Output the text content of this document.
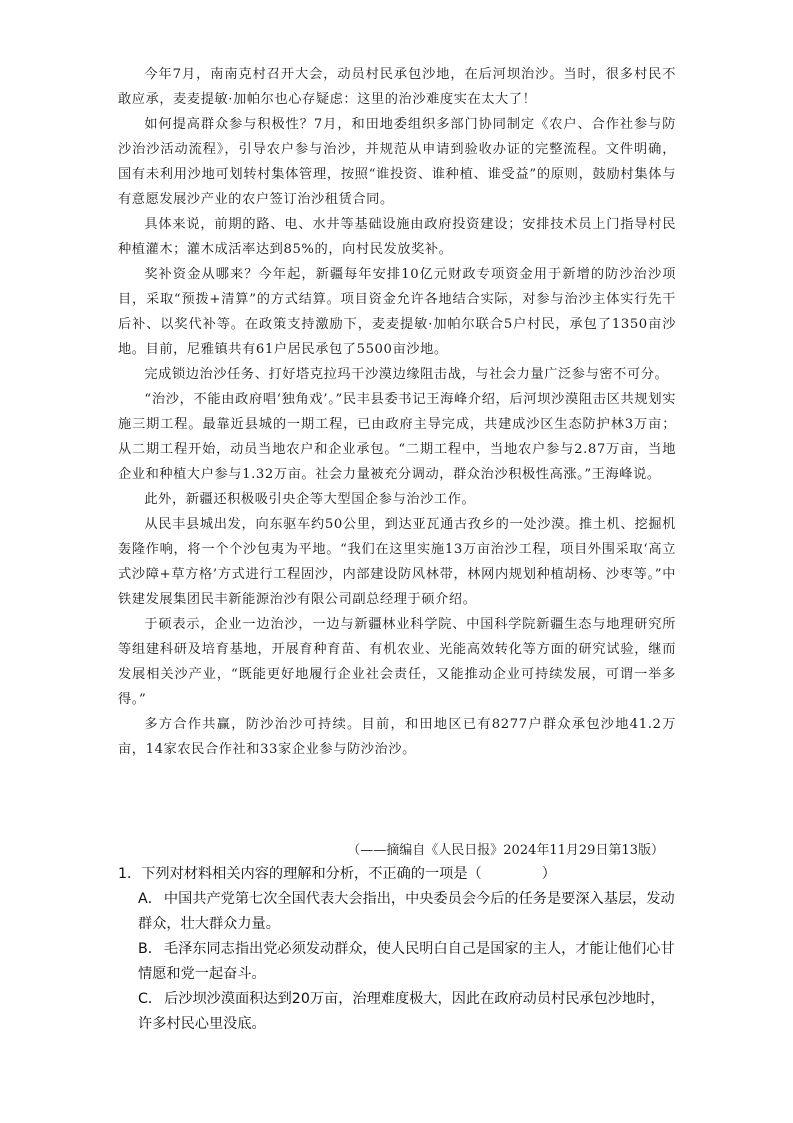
今年7月，南南克村召开大会，动员村民承包沙地，在后河坝治沙。当时，很多村民不敢应承，麦麦提敏·加帕尔也心存疑虑：这里的治沙难度实在太大了！

如何提高群众参与积极性？7月，和田地委组织多部门协同制定《农户、合作社参与防沙治沙活动流程》，引导农户参与治沙，并规范从申请到验收办证的完整流程。文件明确，国有未利用沙地可划转村集体管理，按照“谁投资、谁种植、谁受益”的原则，鼓励村集体与有意愿发展沙产业的农户签订治沙租赁合同。

具体来说，前期的路、电、水井等基础设施由政府投资建设；安排技术员上门指导村民种植灌木；灌木成活率达到85%的，向村民发放奖补。

奖补资金从哪来？今年起，新疆每年安排10亿元财政专项资金用于新增的防沙治沙项目，采取“预拨+清算”的方式结算。项目资金允许各地结合实际，对参与治沙主体实行先干后补、以奖代补等。在政策支持激励下，麦麦提敏·加帕尔联合5户村民，承包了1350亩沙地。目前，尼雅镇共有61户居民承包了5500亩沙地。

完成锁边治沙任务、打好塔克拉玛干沙漠边缘阻击战，与社会力量广泛参与密不可分。

“治沙，不能由政府唱‘独角戏’。”民丰县委书记王海峰介绍，后河坝沙漠阻击区共规划实施三期工程。最靠近县城的一期工程，已由政府主导完成，共建成沙区生态防护林3万亩；从二期工程开始，动员当地农户和企业承包。“二期工程中，当地农户参与2.87万亩，当地企业和种植大户参与1.32万亩。社会力量被充分调动，群众治沙积极性高涨。”王海峰说。

此外，新疆还积极吸引央企等大型国企参与治沙工作。

从民丰县城出发，向东驱车约50公里，到达亚瓦通古孜乡的一处沙漠。推土机、挖掘机轰隆作响，将一个个沙包夷为平地。“我们在这里实施13万亩治沙工程，项目外围采取‘高立式沙障+草方格’方式进行工程固沙，内部建设防风林带，林网内规划种植胡杨、沙枣等。”中铁建发展集团民丰新能源治沙有限公司副总经理于硕介绍。

于硕表示，企业一边治沙，一边与新疆林业科学院、中国科学院新疆生态与地理研究所等组建科研及培育基地，开展育种育苗、有机农业、光能高效转化等方面的研究试验，继而发展相关沙产业，“既能更好地履行企业社会责任，又能推动企业可持续发展，可谓一举多得。”

多方合作共赢，防沙治沙可持续。目前，和田地区已有8277户群众承包沙地41.2万亩，14家农民合作社和33家企业参与防沙治沙。

（——摘编自《人民日报》2024年11月29日第13版）

1．下列对材料相关内容的理解和分析，不正确的一项是（	）

A． 中国共产党第七次全国代表大会指出，中央委员会今后的任务是要深入基层，发动群众，壮大群众力量。

B． 毛泽东同志指出党必须发动群众，使人民明白自己是国家的主人，才能让他们心甘情愿和党一起奋斗。

C． 后沙坝沙漠面积达到20万亩，治理难度极大，因此在政府动员村民承包沙地时，许多村民心里没底。
